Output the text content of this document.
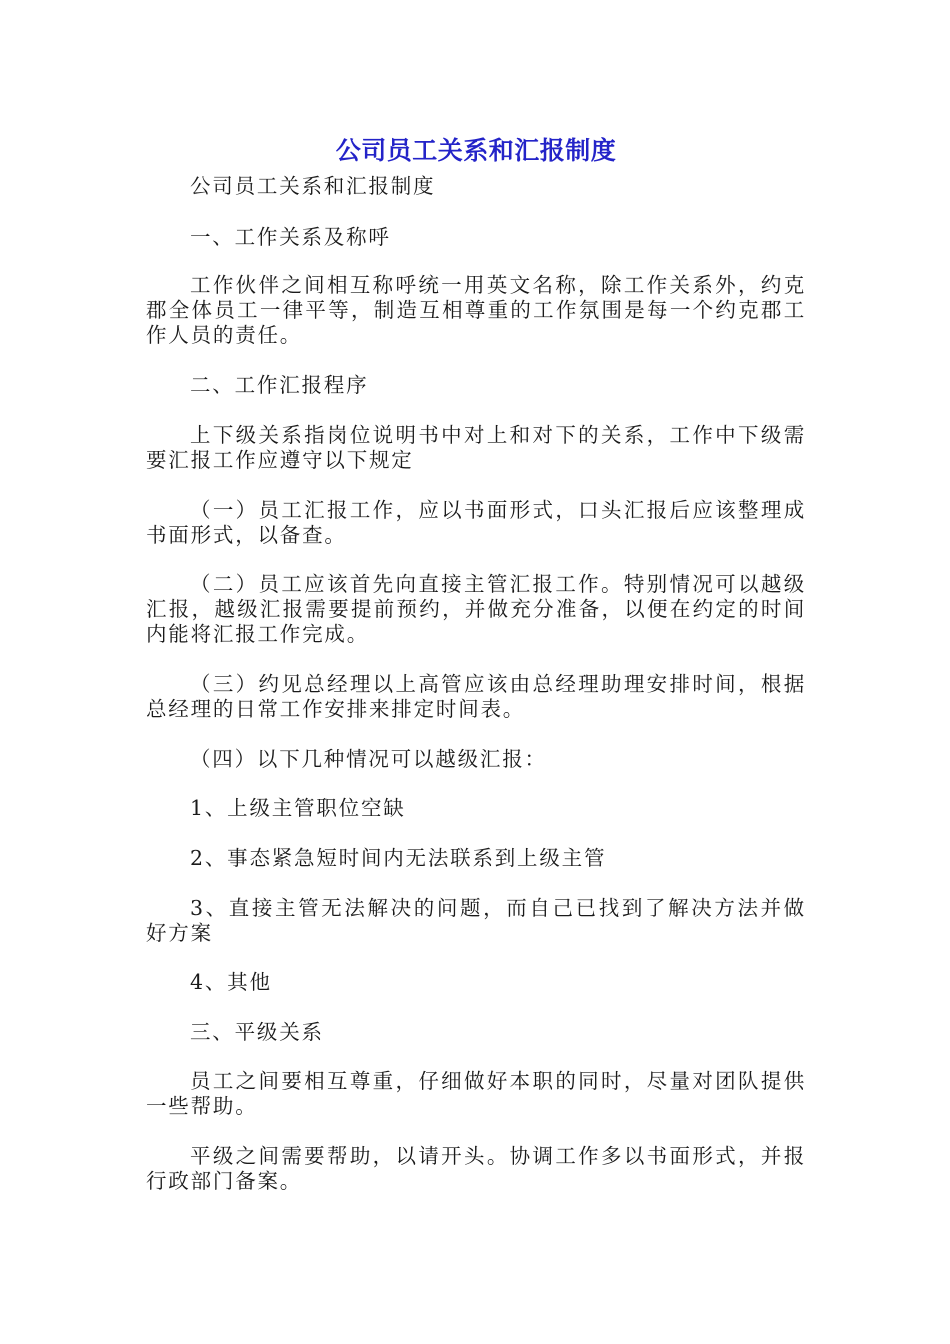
公司员工关系和汇报制度

公司员工关系和汇报制度

一、工作关系及称呼

工作伙伴之间相互称呼统一用英文名称，除工作关系外，约克郡全体员工一律平等，制造互相尊重的工作氛围是每一个约克郡工作人员的责任。

二、工作汇报程序

上下级关系指岗位说明书中对上和对下的关系，工作中下级需要汇报工作应遵守以下规定

（一）员工汇报工作，应以书面形式，口头汇报后应该整理成书面形式，以备查。

（二）员工应该首先向直接主管汇报工作。特别情况可以越级汇报，越级汇报需要提前预约，并做充分准备，以便在约定的时间内能将汇报工作完成。

（三）约见总经理以上高管应该由总经理助理安排时间，根据总经理的日常工作安排来排定时间表。

（四）以下几种情况可以越级汇报：

1、上级主管职位空缺

2、事态紧急短时间内无法联系到上级主管

3、直接主管无法解决的问题，而自己已找到了解决方法并做好方案

4、其他

三、平级关系

员工之间要相互尊重，仔细做好本职的同时，尽量对团队提供一些帮助。

平级之间需要帮助，以请开头。协调工作多以书面形式，并报行政部门备案。
